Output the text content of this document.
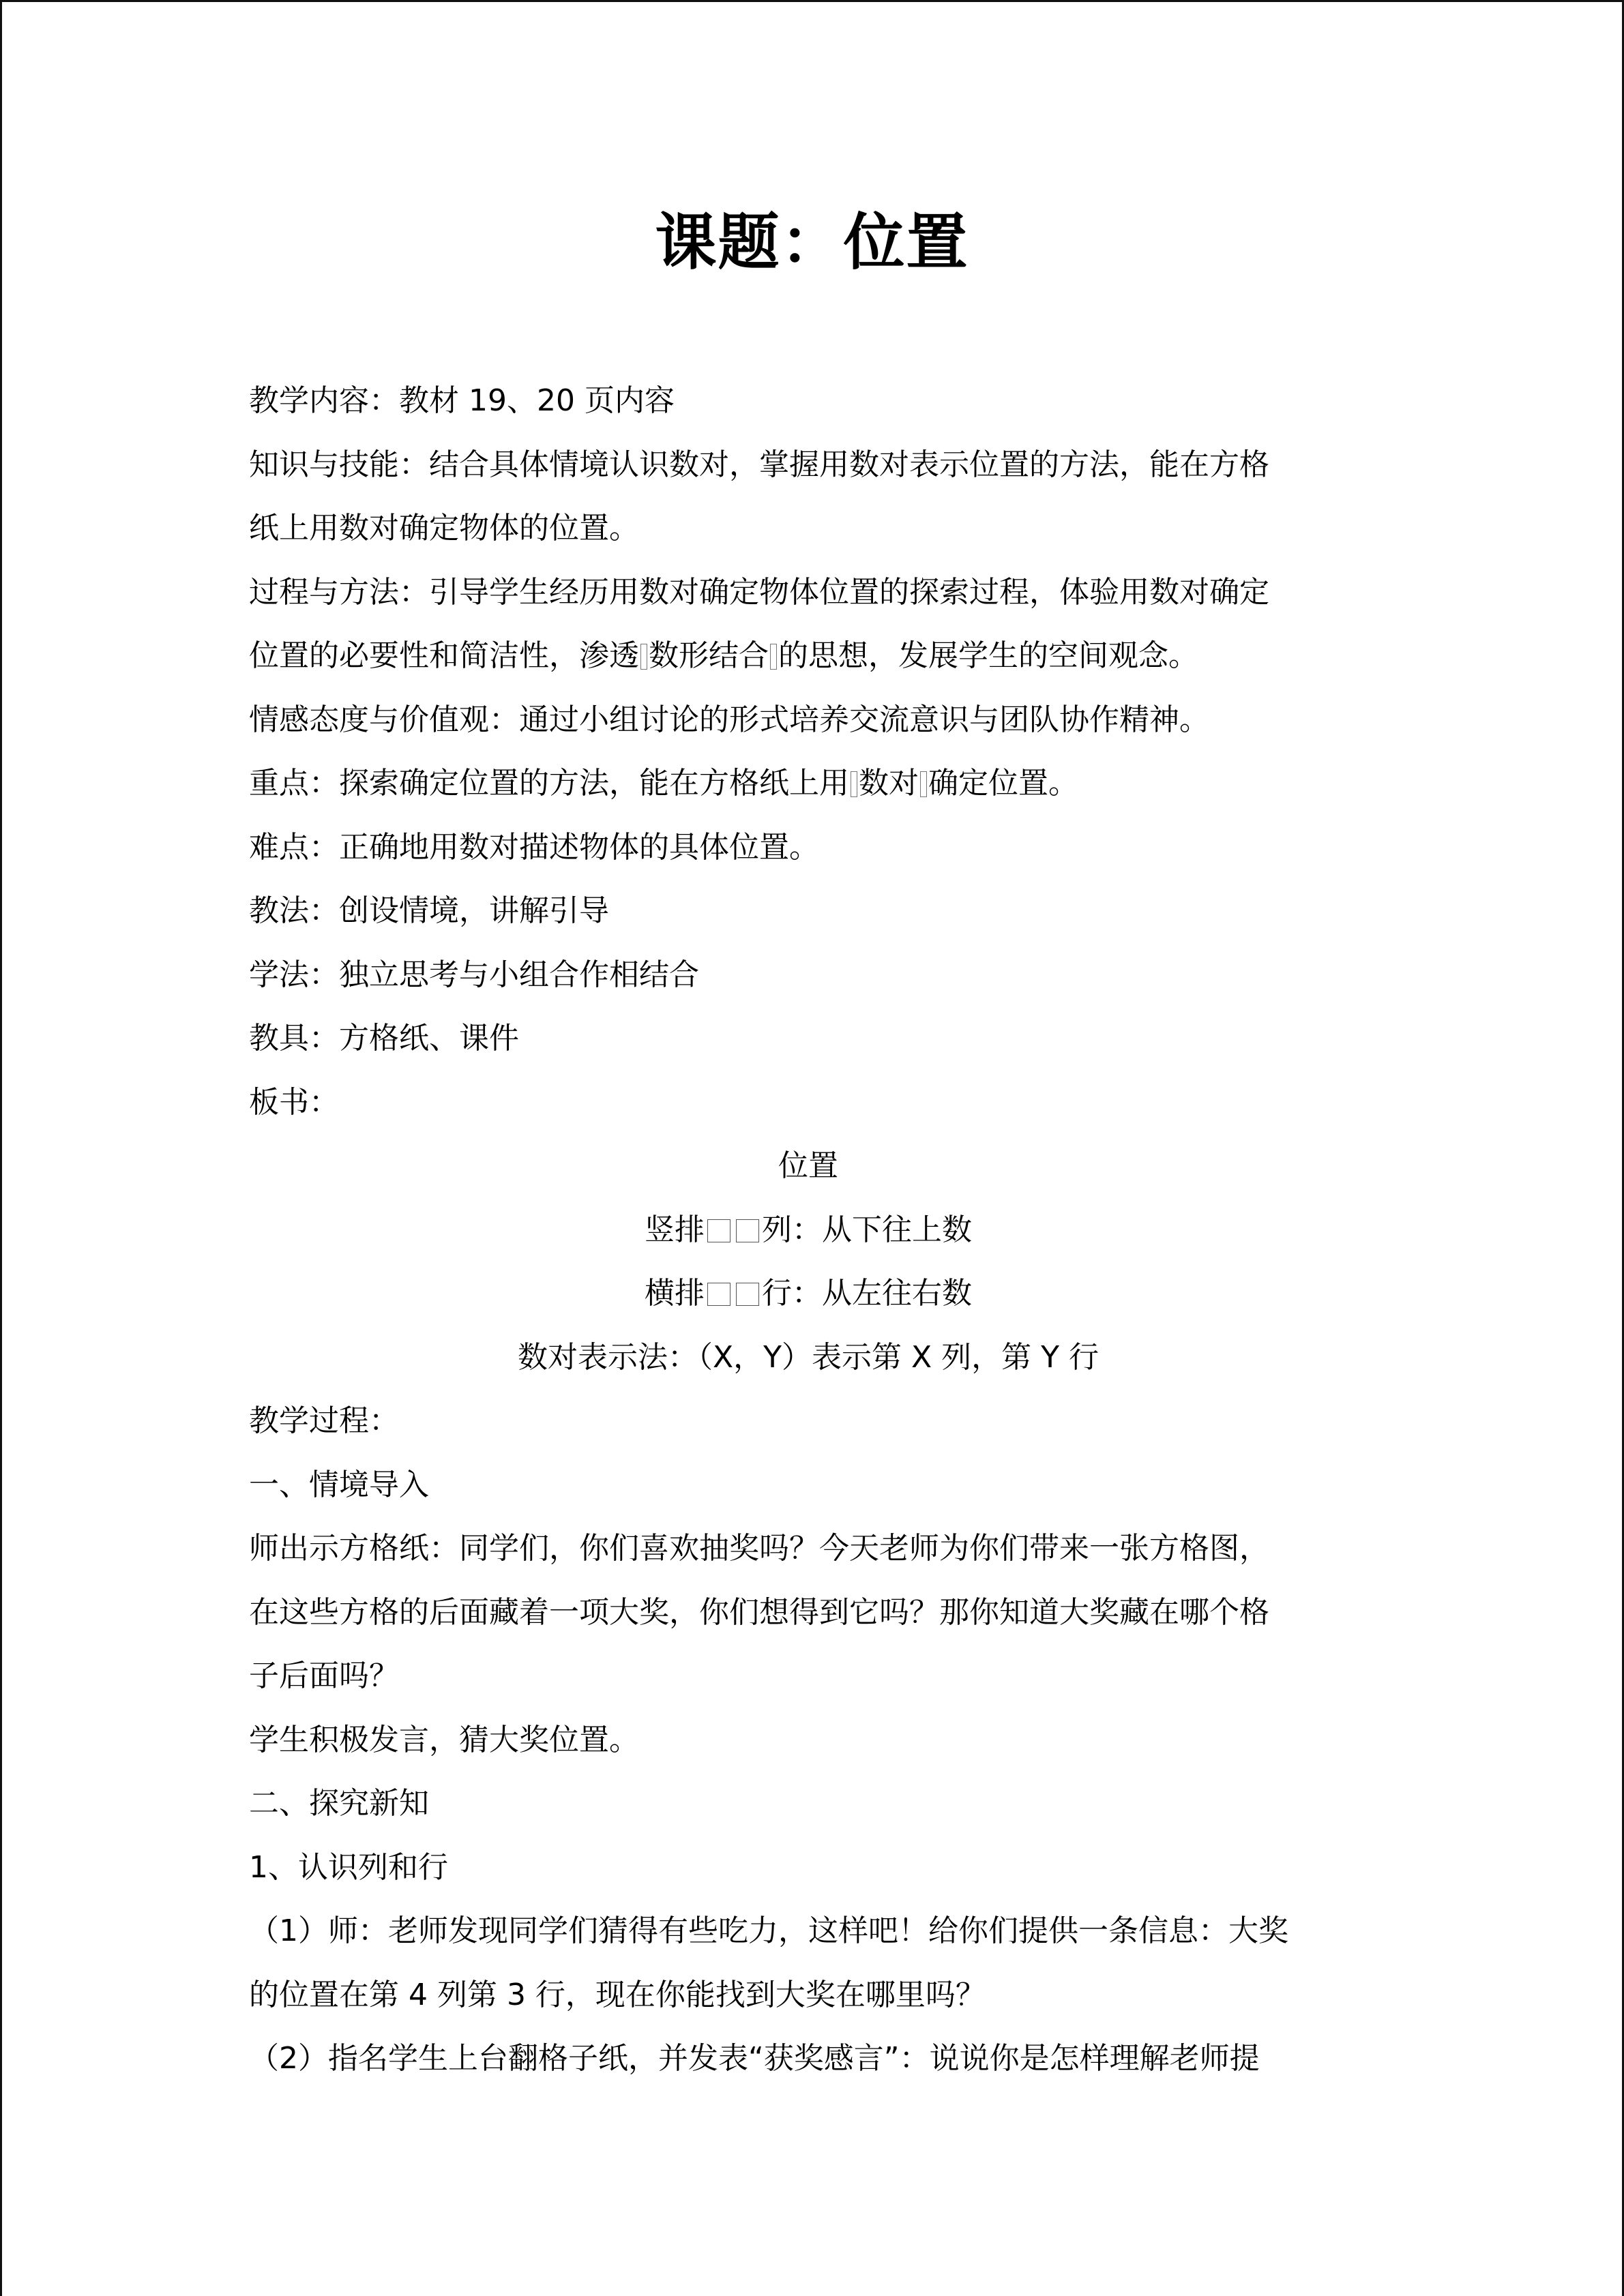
课题：位置
教学内容：教材 19、20 页内容
知识与技能：结合具体情境认识数对，掌握用数对表示位置的方法，能在方格
纸上用数对确定物体的位置。
过程与方法：引导学生经历用数对确定物体位置的探索过程，体验用数对确定
位置的必要性和简洁性，渗透 数形结合 的思想，发展学生的空间观念。
情感态度与价值观：通过小组讨论的形式培养交流意识与团队协作精神。
重点：探索确定位置的方法，能在方格纸上用 数对 确定位置。
难点：正确地用数对描述物体的具体位置。
教法：创设情境，讲解引导
学法：独立思考与小组合作相结合
教具：方格纸、课件
板书：
位置
竖排 列：从下往上数
横排 行：从左往右数
数对表示法：（X，Y）表示第 X 列，第 Y 行
教学过程：
一、情境导入
师出示方格纸：同学们，你们喜欢抽奖吗？今天老师为你们带来一张方格图，
在这些方格的后面藏着一项大奖，你们想得到它吗？那你知道大奖藏在哪个格
子后面吗？
学生积极发言，猜大奖位置。
二、探究新知
1、认识列和行
（1）师：老师发现同学们猜得有些吃力，这样吧！给你们提供一条信息：大奖
的位置在第 4 列第 3 行，现在你能找到大奖在哪里吗？
（2）指名学生上台翻格子纸，并发表“获奖感言”：说说你是怎样理解老师提
